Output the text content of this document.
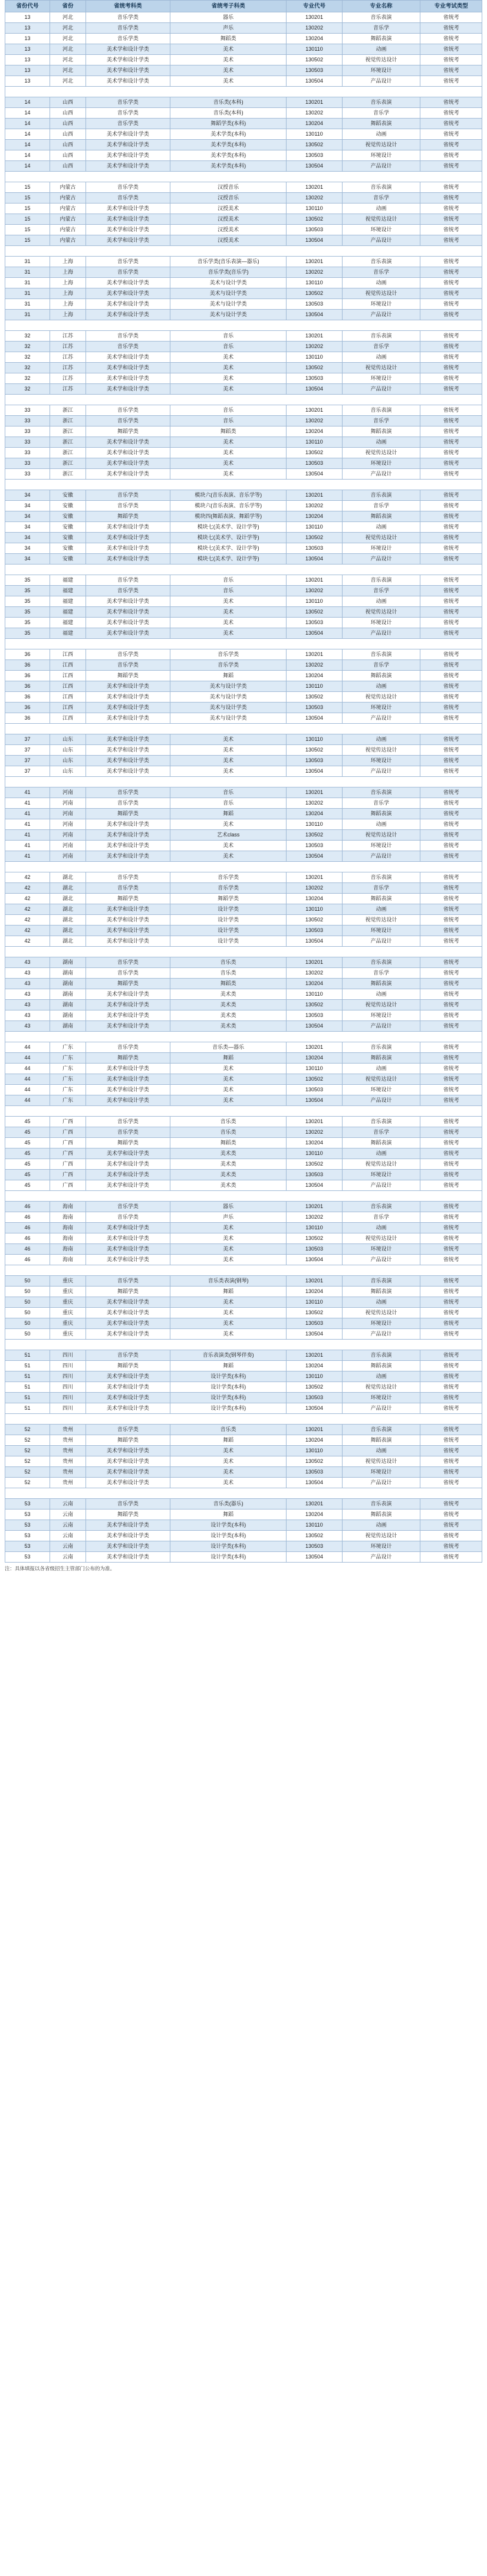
省份代号	省份	省统考科类	省统考子科类	专业代号	专业名称	专业考试类型
13	河北	音乐学类	器乐	130201	音乐表演	省统考
13	河北	音乐学类	声乐	130202	音乐学	省统考
13	河北	音乐学类	舞蹈类	130204	舞蹈表演	省统考
13	河北	美术学和设计学类	美术	130110	动画	省统考
13	河北	美术学和设计学类	美术	130502	视觉传达设计	省统考
13	河北	美术学和设计学类	美术	130503	环境设计	省统考
13	河北	美术学和设计学类	美术	130504	产品设计	省统考

14	山西	音乐学类	音乐类(本科)	130201	音乐表演	省统考
14	山西	音乐学类	音乐类(本科)	130202	音乐学	省统考
14	山西	音乐学类	舞蹈学类(本科)	130204	舞蹈表演	省统考
14	山西	美术学和设计学类	美术学类(本科)	130110	动画	省统考
14	山西	美术学和设计学类	美术学类(本科)	130502	视觉传达设计	省统考
14	山西	美术学和设计学类	美术学类(本科)	130503	环境设计	省统考
14	山西	美术学和设计学类	美术学类(本科)	130504	产品设计	省统考

15	内蒙古	音乐学类	汉授音乐	130201	音乐表演	省统考
15	内蒙古	音乐学类	汉授音乐	130202	音乐学	省统考
15	内蒙古	美术学和设计学类	汉授美术	130110	动画	省统考
15	内蒙古	美术学和设计学类	汉授美术	130502	视觉传达设计	省统考
15	内蒙古	美术学和设计学类	汉授美术	130503	环境设计	省统考
15	内蒙古	美术学和设计学类	汉授美术	130504	产品设计	省统考

31	上海	音乐学类	音乐学类(音乐表演—器乐)	130201	音乐表演	省统考
31	上海	音乐学类	音乐学类(音乐学)	130202	音乐学	省统考
31	上海	美术学和设计学类	美术与设计学类	130110	动画	省统考
31	上海	美术学和设计学类	美术与设计学类	130502	视觉传达设计	省统考
31	上海	美术学和设计学类	美术与设计学类	130503	环境设计	省统考
31	上海	美术学和设计学类	美术与设计学类	130504	产品设计	省统考

32	江苏	音乐学类	音乐	130201	音乐表演	省统考
32	江苏	音乐学类	音乐	130202	音乐学	省统考
32	江苏	美术学和设计学类	美术	130110	动画	省统考
32	江苏	美术学和设计学类	美术	130502	视觉传达设计	省统考
32	江苏	美术学和设计学类	美术	130503	环境设计	省统考
32	江苏	美术学和设计学类	美术	130504	产品设计	省统考

33	浙江	音乐学类	音乐	130201	音乐表演	省统考
33	浙江	音乐学类	音乐	130202	音乐学	省统考
33	浙江	舞蹈学类	舞蹈类	130204	舞蹈表演	省统考
33	浙江	美术学和设计学类	美术	130110	动画	省统考
33	浙江	美术学和设计学类	美术	130502	视觉传达设计	省统考
33	浙江	美术学和设计学类	美术	130503	环境设计	省统考
33	浙江	美术学和设计学类	美术	130504	产品设计	省统考

34	安徽	音乐学类	模块六(音乐表演、音乐学等)	130201	音乐表演	省统考
34	安徽	音乐学类	模块六(音乐表演、音乐学等)	130202	音乐学	省统考
34	安徽	舞蹈学类	模块四(舞蹈表演、舞蹈学等)	130204	舞蹈表演	省统考
34	安徽	美术学和设计学类	模块七(美术学、设计学等)	130110	动画	省统考
34	安徽	美术学和设计学类	模块七(美术学、设计学等)	130502	视觉传达设计	省统考
34	安徽	美术学和设计学类	模块七(美术学、设计学等)	130503	环境设计	省统考
34	安徽	美术学和设计学类	模块七(美术学、设计学等)	130504	产品设计	省统考

35	福建	音乐学类	音乐	130201	音乐表演	省统考
35	福建	音乐学类	音乐	130202	音乐学	省统考
35	福建	美术学和设计学类	美术	130110	动画	省统考
35	福建	美术学和设计学类	美术	130502	视觉传达设计	省统考
35	福建	美术学和设计学类	美术	130503	环境设计	省统考
35	福建	美术学和设计学类	美术	130504	产品设计	省统考

36	江西	音乐学类	音乐学类	130201	音乐表演	省统考
36	江西	音乐学类	音乐学类	130202	音乐学	省统考
36	江西	舞蹈学类	舞蹈	130204	舞蹈表演	省统考
36	江西	美术学和设计学类	美术与设计学类	130110	动画	省统考
36	江西	美术学和设计学类	美术与设计学类	130502	视觉传达设计	省统考
36	江西	美术学和设计学类	美术与设计学类	130503	环境设计	省统考
36	江西	美术学和设计学类	美术与设计学类	130504	产品设计	省统考

37	山东	美术学和设计学类	美术	130110	动画	省统考
37	山东	美术学和设计学类	美术	130502	视觉传达设计	省统考
37	山东	美术学和设计学类	美术	130503	环境设计	省统考
37	山东	美术学和设计学类	美术	130504	产品设计	省统考

41	河南	音乐学类	音乐	130201	音乐表演	省统考
41	河南	音乐学类	音乐	130202	音乐学	省统考
41	河南	舞蹈学类	舞蹈	130204	舞蹈表演	省统考
41	河南	美术学和设计学类	美术	130110	动画	省统考
41	河南	美术学和设计学类	艺术class	130502	视觉传达设计	省统考
41	河南	美术学和设计学类	美术	130503	环境设计	省统考
41	河南	美术学和设计学类	美术	130504	产品设计	省统考

42	湖北	音乐学类	音乐学类	130201	音乐表演	省统考
42	湖北	音乐学类	音乐学类	130202	音乐学	省统考
42	湖北	舞蹈学类	舞蹈学类	130204	舞蹈表演	省统考
42	湖北	美术学和设计学类	设计学类	130110	动画	省统考
42	湖北	美术学和设计学类	设计学类	130502	视觉传达设计	省统考
42	湖北	美术学和设计学类	设计学类	130503	环境设计	省统考
42	湖北	美术学和设计学类	设计学类	130504	产品设计	省统考

43	湖南	音乐学类	音乐类	130201	音乐表演	省统考
43	湖南	音乐学类	音乐类	130202	音乐学	省统考
43	湖南	舞蹈学类	舞蹈类	130204	舞蹈表演	省统考
43	湖南	美术学和设计学类	美术类	130110	动画	省统考
43	湖南	美术学和设计学类	美术类	130502	视觉传达设计	省统考
43	湖南	美术学和设计学类	美术类	130503	环境设计	省统考
43	湖南	美术学和设计学类	美术类	130504	产品设计	省统考

44	广东	音乐学类	音乐类—器乐	130201	音乐表演	省统考
44	广东	舞蹈学类	舞蹈	130204	舞蹈表演	省统考
44	广东	美术学和设计学类	美术	130110	动画	省统考
44	广东	美术学和设计学类	美术	130502	视觉传达设计	省统考
44	广东	美术学和设计学类	美术	130503	环境设计	省统考
44	广东	美术学和设计学类	美术	130504	产品设计	省统考

45	广西	音乐学类	音乐类	130201	音乐表演	省统考
45	广西	音乐学类	音乐类	130202	音乐学	省统考
45	广西	舞蹈学类	舞蹈类	130204	舞蹈表演	省统考
45	广西	美术学和设计学类	美术类	130110	动画	省统考
45	广西	美术学和设计学类	美术类	130502	视觉传达设计	省统考
45	广西	美术学和设计学类	美术类	130503	环境设计	省统考
45	广西	美术学和设计学类	美术类	130504	产品设计	省统考

46	海南	音乐学类	器乐	130201	音乐表演	省统考
46	海南	音乐学类	声乐	130202	音乐学	省统考
46	海南	美术学和设计学类	美术	130110	动画	省统考
46	海南	美术学和设计学类	美术	130502	视觉传达设计	省统考
46	海南	美术学和设计学类	美术	130503	环境设计	省统考
46	海南	美术学和设计学类	美术	130504	产品设计	省统考

50	重庆	音乐学类	音乐类表演(钢琴)	130201	音乐表演	省统考
50	重庆	舞蹈学类	舞蹈	130204	舞蹈表演	省统考
50	重庆	美术学和设计学类	美术	130110	动画	省统考
50	重庆	美术学和设计学类	美术	130502	视觉传达设计	省统考
50	重庆	美术学和设计学类	美术	130503	环境设计	省统考
50	重庆	美术学和设计学类	美术	130504	产品设计	省统考

51	四川	音乐学类	音乐表演类(钢琴伴奏)	130201	音乐表演	省统考
51	四川	舞蹈学类	舞蹈	130204	舞蹈表演	省统考
51	四川	美术学和设计学类	设计学类(本科)	130110	动画	省统考
51	四川	美术学和设计学类	设计学类(本科)	130502	视觉传达设计	省统考
51	四川	美术学和设计学类	设计学类(本科)	130503	环境设计	省统考
51	四川	美术学和设计学类	设计学类(本科)	130504	产品设计	省统考

52	贵州	音乐学类	音乐类	130201	音乐表演	省统考
52	贵州	舞蹈学类	舞蹈	130204	舞蹈表演	省统考
52	贵州	美术学和设计学类	美术	130110	动画	省统考
52	贵州	美术学和设计学类	美术	130502	视觉传达设计	省统考
52	贵州	美术学和设计学类	美术	130503	环境设计	省统考
52	贵州	美术学和设计学类	美术	130504	产品设计	省统考

53	云南	音乐学类	音乐类(器乐)	130201	音乐表演	省统考
53	云南	舞蹈学类	舞蹈	130204	舞蹈表演	省统考
53	云南	美术学和设计学类	设计学类(本科)	130110	动画	省统考
53	云南	美术学和设计学类	设计学类(本科)	130502	视觉传达设计	省统考
53	云南	美术学和设计学类	设计学类(本科)	130503	环境设计	省统考
53	云南	美术学和设计学类	设计学类(本科)	130504	产品设计	省统考
注：具体填报以各省级招生主管部门公布的为准。
